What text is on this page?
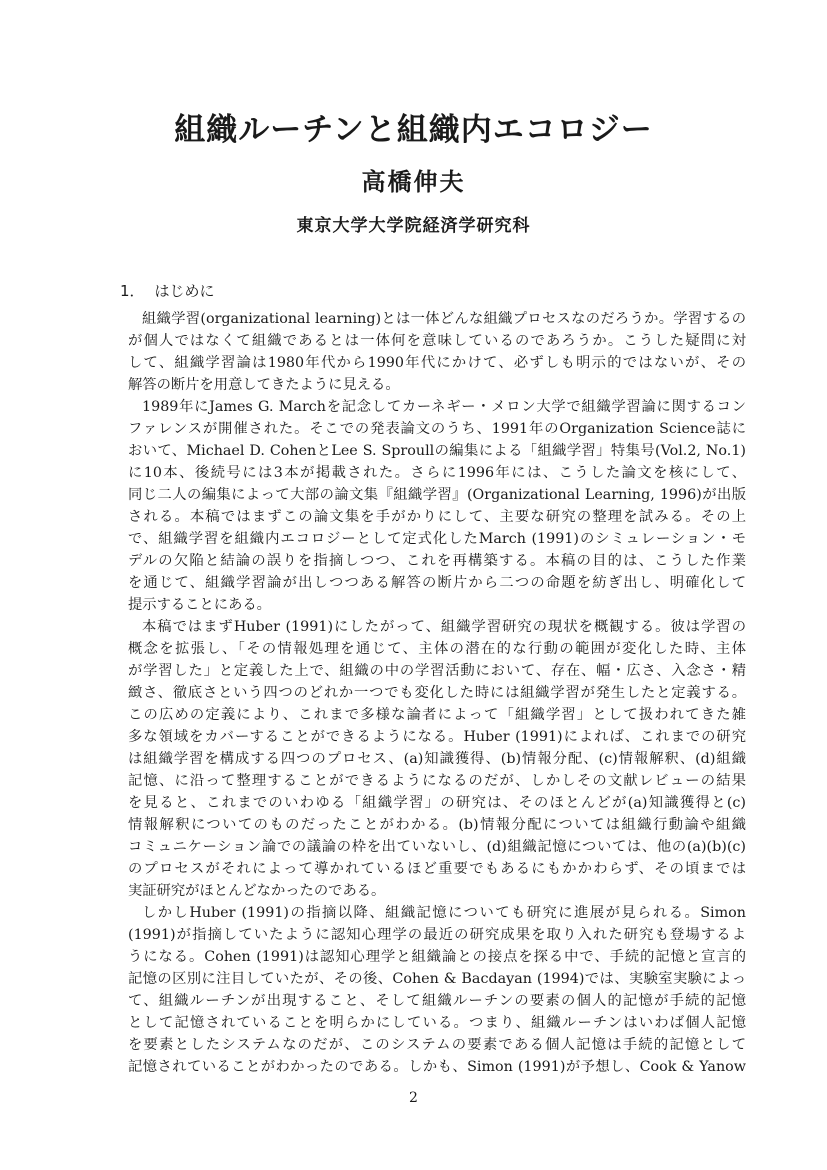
組織ルーチンと組織内エコロジー
高橋伸夫
東京大学大学院経済学研究科
1． はじめに
組織学習(organizational learning)とは一体どんな組織プロセスなのだろうか。学習するの
が個人ではなくて組織であるとは一体何を意味しているのであろうか。こうした疑問に対
して、組織学習論は1980年代から1990年代にかけて、必ずしも明示的ではないが、その
解答の断片を用意してきたように見える。
1989年にJames G. Marchを記念してカーネギー・メロン大学で組織学習論に関するコン
ファレンスが開催された。そこでの発表論文のうち、1991年のOrganization Science誌に
おいて、Michael D. CohenとLee S. Sproullの編集による「組織学習」特集号(Vol.2, No.1)
に10本、後続号には3本が掲載された。さらに1996年には、こうした論文を核にして、
同じ二人の編集によって大部の論文集『組織学習』(Organizational Learning, 1996)が出版
される。本稿ではまずこの論文集を手がかりにして、主要な研究の整理を試みる。その上
で、組織学習を組織内エコロジーとして定式化したMarch (1991)のシミュレーション・モ
デルの欠陥と結論の誤りを指摘しつつ、これを再構築する。本稿の目的は、こうした作業
を通じて、組織学習論が出しつつある解答の断片から二つの命題を紡ぎ出し、明確化して
提示することにある。
本稿ではまずHuber (1991)にしたがって、組織学習研究の現状を概観する。彼は学習の
概念を拡張し、「その情報処理を通じて、主体の潜在的な行動の範囲が変化した時、主体
が学習した」と定義した上で、組織の中の学習活動において、存在、幅・広さ、入念さ・精
緻さ、徹底さという四つのどれか一つでも変化した時には組織学習が発生したと定義する。
この広めの定義により、これまで多様な論者によって「組織学習」として扱われてきた雑
多な領域をカバーすることができるようになる。Huber (1991)によれば、これまでの研究
は組織学習を構成する四つのプロセス、(a)知識獲得、(b)情報分配、(c)情報解釈、(d)組織
記憶、に沿って整理することができるようになるのだが、しかしその文献レビューの結果
を見ると、これまでのいわゆる「組織学習」の研究は、そのほとんどが(a)知識獲得と(c)
情報解釈についてのものだったことがわかる。(b)情報分配については組織行動論や組織
コミュニケーション論での議論の枠を出ていないし、(d)組織記憶については、他の(a)(b)(c)
のプロセスがそれによって導かれているほど重要でもあるにもかかわらず、その頃までは
実証研究がほとんどなかったのである。
しかしHuber (1991)の指摘以降、組織記憶についても研究に進展が見られる。Simon
(1991)が指摘していたように認知心理学の最近の研究成果を取り入れた研究も登場するよ
うになる。Cohen (1991)は認知心理学と組織論との接点を探る中で、手続的記憶と宣言的
記憶の区別に注目していたが、その後、Cohen & Bacdayan (1994)では、実験室実験によっ
て、組織ルーチンが出現すること、そして組織ルーチンの要素の個人的記憶が手続的記憶
として記憶されていることを明らかにしている。つまり、組織ルーチンはいわば個人記憶
を要素としたシステムなのだが、このシステムの要素である個人記憶は手続的記憶として
記憶されていることがわかったのである。しかも、Simon (1991)が予想し、Cook & Yanow
2
